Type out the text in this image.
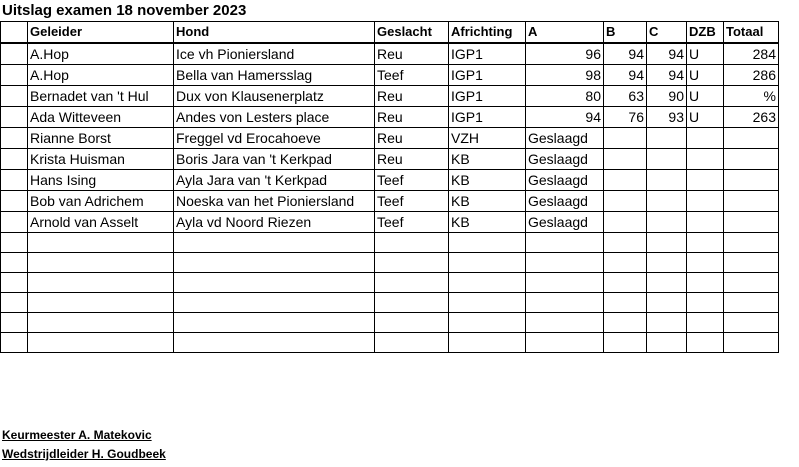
Uitslag examen 18 november 2023
	Geleider	Hond	Geslacht	Africhting	A	B	C	DZB	Totaal
	A.Hop	Ice vh Pioniersland	Reu	IGP1	96	94	94	U	284
	A.Hop	Bella van Hamersslag	Teef	IGP1	98	94	94	U	286
	Bernadet van 't Hul	Dux von Klausenerplatz	Reu	IGP1	80	63	90	U	%
	Ada Witteveen	Andes von Lesters place	Reu	IGP1	94	76	93	U	263
	Rianne Borst	Freggel vd Erocahoeve	Reu	VZH	Geslaagd				
	Krista Huisman	Boris Jara van 't Kerkpad	Reu	KB	Geslaagd				
	Hans Ising	Ayla Jara van 't Kerkpad	Teef	KB	Geslaagd				
	Bob van Adrichem	Noeska van het Pioniersland	Teef	KB	Geslaagd				
	Arnold van Asselt	Ayla vd Noord Riezen	Teef	KB	Geslaagd				

Keurmeester A. Matekovic
Wedstrijdleider H. Goudbeek
